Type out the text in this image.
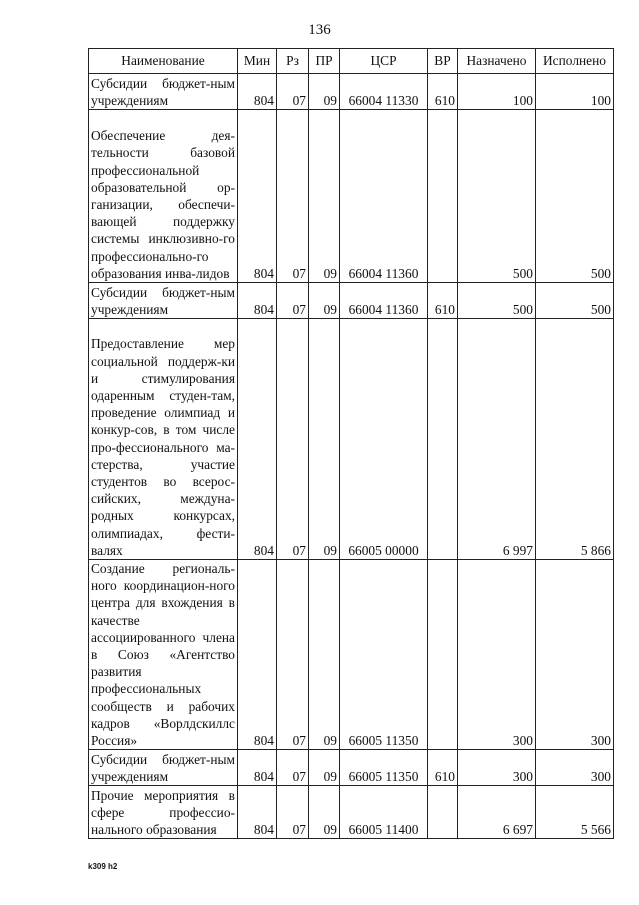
136
Наименование	Мин	Рз	ПР	ЦСР	ВР	Назначено	Исполнено
Субсидии бюджет-ным учреждениям	804	07	09	66004 11330	610	100	100
Обеспечение дея-тельности базовой профессиональной образовательной ор-ганизации, обеспечи-вающей поддержку системы инклюзивно-го профессионально-го образования инва-лидов	804	07	09	66004 11360		500	500
Субсидии бюджет-ным учреждениям	804	07	09	66004 11360	610	500	500
Предоставление мер социальной поддерж-ки и стимулирования одаренным студен-там, проведение олимпиад и конкур-сов, в том числе про-фессионального ма-стерства, участие студентов во всерос-сийских, междуна-родных конкурсах, олимпиадах, фести-валях	804	07	09	66005 00000		6 997	5 866
Создание региональ-ного координацион-ного центра для вхождения в качестве ассоциированного члена в Союз «Агентство развития профессиональных сообществ и рабочих кадров «Ворлдскиллс Россия»	804	07	09	66005 11350		300	300
Субсидии бюджет-ным учреждениям	804	07	09	66005 11350	610	300	300
Прочие мероприятия в сфере профессио-нального образования	804	07	09	66005 11400		6 697	5 566
k309 h2
